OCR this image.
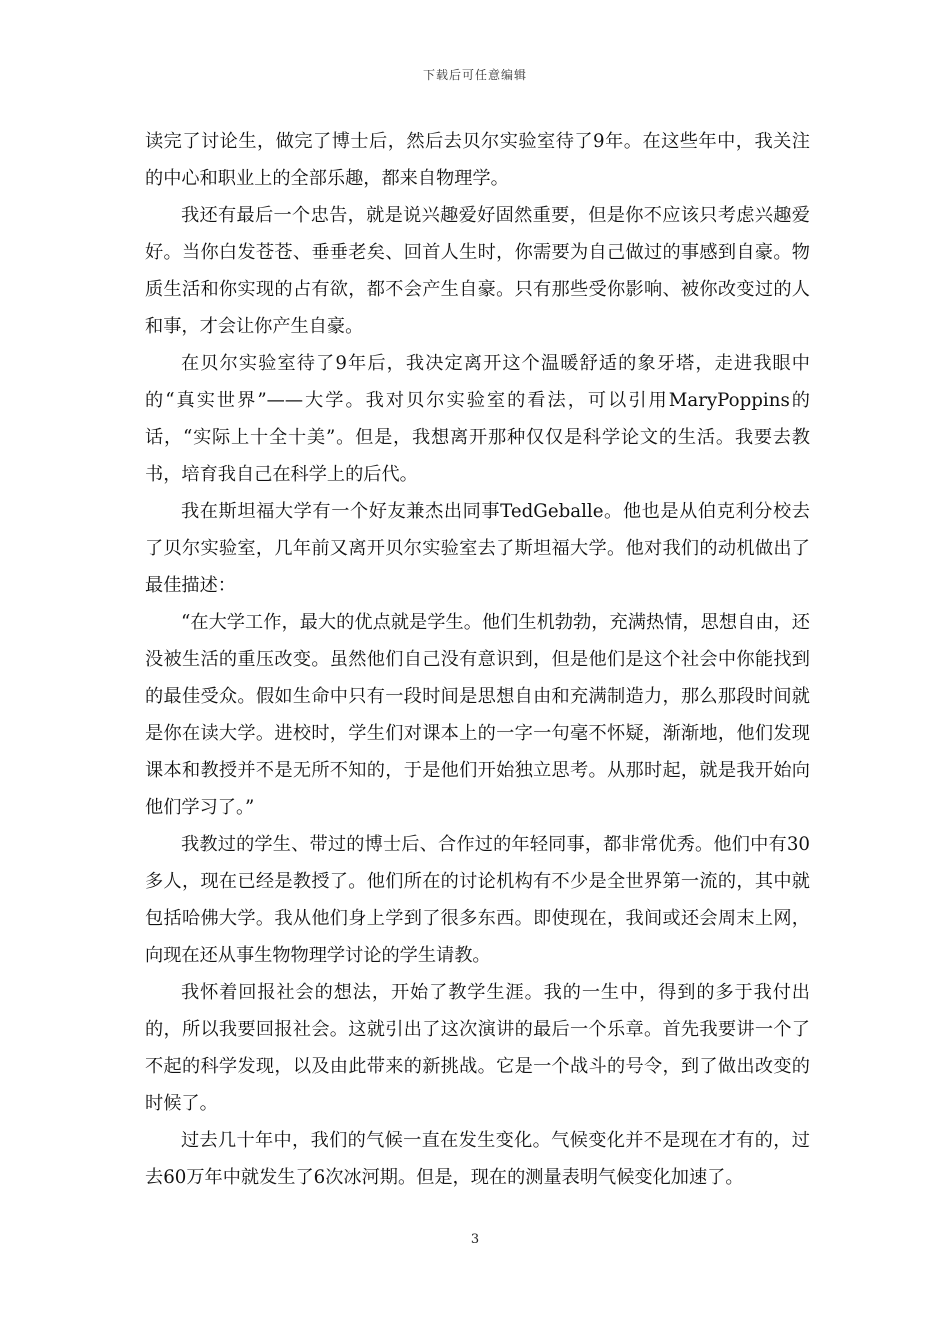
下载后可任意编辑

读完了讨论生，做完了博士后，然后去贝尔实验室待了9年。在这些年中，我关注的中心和职业上的全部乐趣，都来自物理学。

我还有最后一个忠告，就是说兴趣爱好固然重要，但是你不应该只考虑兴趣爱好。当你白发苍苍、垂垂老矣、回首人生时，你需要为自己做过的事感到自豪。物质生活和你实现的占有欲，都不会产生自豪。只有那些受你影响、被你改变过的人和事，才会让你产生自豪。

在贝尔实验室待了9年后，我决定离开这个温暖舒适的象牙塔，走进我眼中的“真实世界”——大学。我对贝尔实验室的看法，可以引用MaryPoppins的话，“实际上十全十美”。但是，我想离开那种仅仅是科学论文的生活。我要去教书，培育我自己在科学上的后代。

我在斯坦福大学有一个好友兼杰出同事TedGeballe。他也是从伯克利分校去了贝尔实验室，几年前又离开贝尔实验室去了斯坦福大学。他对我们的动机做出了最佳描述：

“在大学工作，最大的优点就是学生。他们生机勃勃，充满热情，思想自由，还没被生活的重压改变。虽然他们自己没有意识到，但是他们是这个社会中你能找到的最佳受众。假如生命中只有一段时间是思想自由和充满制造力，那么那段时间就是你在读大学。进校时，学生们对课本上的一字一句毫不怀疑，渐渐地，他们发现课本和教授并不是无所不知的，于是他们开始独立思考。从那时起，就是我开始向他们学习了。”

我教过的学生、带过的博士后、合作过的年轻同事，都非常优秀。他们中有30多人，现在已经是教授了。他们所在的讨论机构有不少是全世界第一流的，其中就包括哈佛大学。我从他们身上学到了很多东西。即使现在，我间或还会周末上网，向现在还从事生物物理学讨论的学生请教。

我怀着回报社会的想法，开始了教学生涯。我的一生中，得到的多于我付出的，所以我要回报社会。这就引出了这次演讲的最后一个乐章。首先我要讲一个了不起的科学发现，以及由此带来的新挑战。它是一个战斗的号令，到了做出改变的时候了。

过去几十年中，我们的气候一直在发生变化。气候变化并不是现在才有的，过去60万年中就发生了6次冰河期。但是，现在的测量表明气候变化加速了。

3
